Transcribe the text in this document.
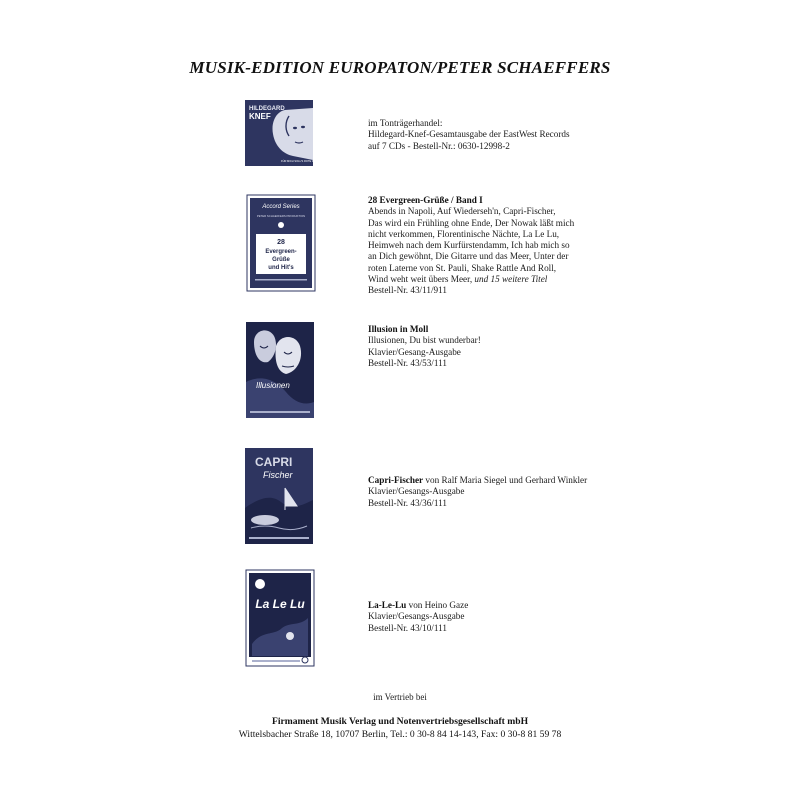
MUSIK-EDITION EUROPATON/PETER SCHAEFFERS
HILDEGARD
KNEF
FÜR MICH SOLL'S ROTE ROSEN REGNEN
im Tonträgerhandel:
Hildegard-Knef-Gesamtausgabe der EastWest Records
auf 7 CDs - Bestell-Nr.: 0630-12998-2
Accord Series
PETER SCHAEFFERS PRODUKTION
28
Evergreen-
Grüße
und Hit's
28 Evergreen-Grüße / Band I
Abends in Napoli, Auf Wiederseh'n, Capri-Fischer,
Das wird ein Frühling ohne Ende, Der Nowak läßt mich
nicht verkommen, Florentinische Nächte, La Le Lu,
Heimweh nach dem Kurfürstendamm, Ich hab mich so
an Dich gewöhnt, Die Gitarre und das Meer, Unter der
roten Laterne von St. Pauli, Shake Rattle And Roll,
Wind weht weit übers Meer, und 15 weitere Titel
Bestell-Nr. 43/11/911
Illusionen
Illusion in Moll
Illusionen, Du bist wunderbar!
Klavier/Gesang-Ausgabe
Bestell-Nr. 43/53/111
CAPRI
Fischer	Capri-Fischer von Ralf Maria Siegel und Gerhard Winkler
Klavier/Gesangs-Ausgabe
Bestell-Nr. 43/36/111
La Le Lu	La-Le-Lu von Heino Gaze
Klavier/Gesangs-Ausgabe
Bestell-Nr. 43/10/111
im Vertrieb bei
Firmament Musik Verlag und Notenvertriebsgesellschaft mbH
Wittelsbacher Straße 18, 10707 Berlin, Tel.: 0 30-8 84 14-143, Fax: 0 30-8 81 59 78
